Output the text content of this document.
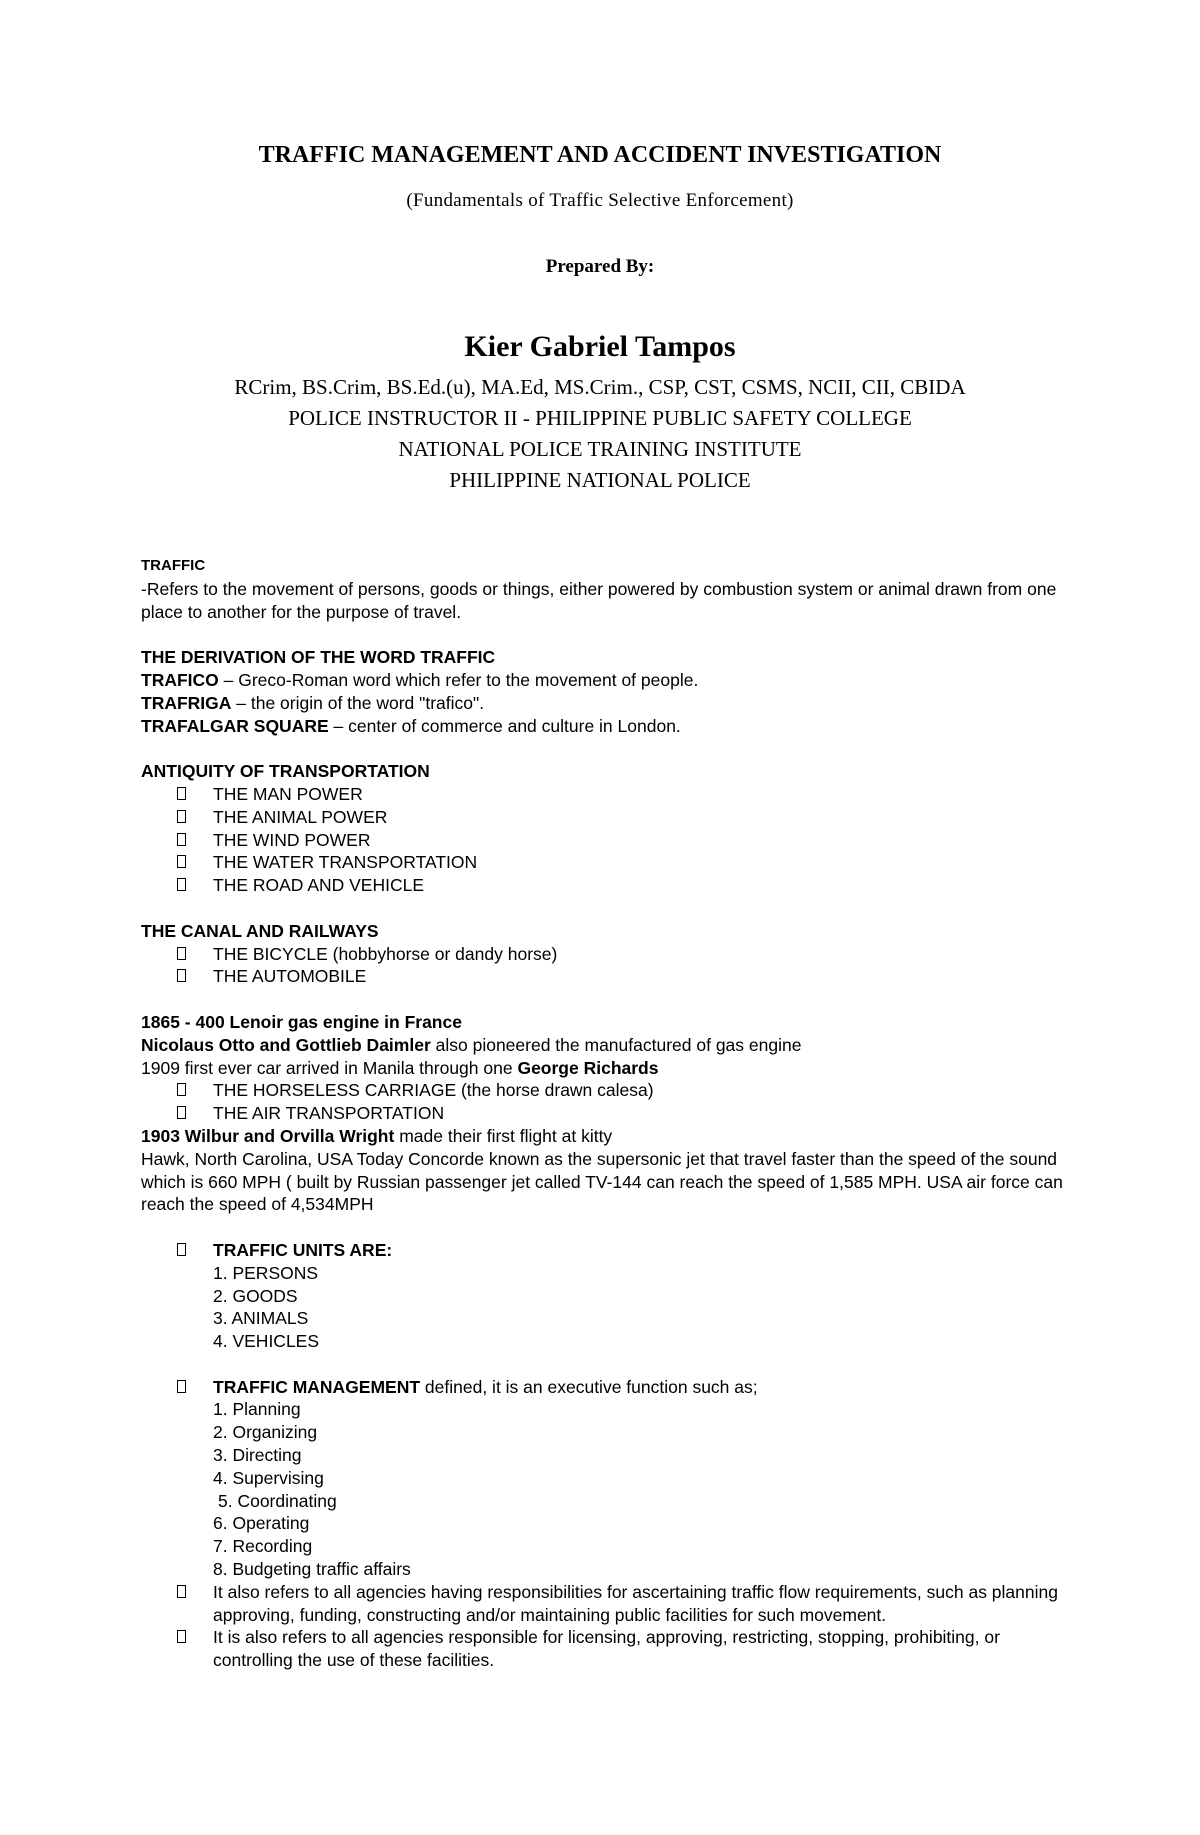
TRAFFIC MANAGEMENT AND ACCIDENT INVESTIGATION
(Fundamentals of Traffic Selective Enforcement)
Prepared By:
Kier Gabriel Tampos
RCrim, BS.Crim, BS.Ed.(u), MA.Ed, MS.Crim., CSP, CST, CSMS, NCII, CII, CBIDA
POLICE INSTRUCTOR II - PHILIPPINE PUBLIC SAFETY COLLEGE
NATIONAL POLICE TRAINING INSTITUTE
PHILIPPINE NATIONAL POLICE

TRAFFIC

-Refers to the movement of persons, goods or things, either powered by combustion system or animal drawn from one place to another for the purpose of travel.

THE DERIVATION OF THE WORD TRAFFIC

TRAFICO – Greco-Roman word which refer to the movement of people.

TRAFRIGA – the origin of the word "trafico".

TRAFALGAR SQUARE – center of commerce and culture in London.

ANTIQUITY OF TRANSPORTATION

THE MAN POWER

THE ANIMAL POWER

THE WIND POWER

THE WATER TRANSPORTATION

THE ROAD AND VEHICLE

THE CANAL AND RAILWAYS

THE BICYCLE (hobbyhorse or dandy horse)

THE AUTOMOBILE

1865 - 400 Lenoir gas engine in France

Nicolaus Otto and Gottlieb Daimler also pioneered the manufactured of gas engine

1909 first ever car arrived in Manila through one George Richards

THE HORSELESS CARRIAGE (the horse drawn calesa)

THE AIR TRANSPORTATION

1903 Wilbur and Orvilla Wright made their first flight at kitty

Hawk, North Carolina, USA Today Concorde known as the supersonic jet that travel faster than the speed of the sound which is 660 MPH ( built by Russian passenger jet called TV-144 can reach the speed of 1,585 MPH. USA air force can reach the speed of 4,534MPH

TRAFFIC UNITS ARE:

1. PERSONS

2. GOODS

3. ANIMALS

4. VEHICLES

TRAFFIC MANAGEMENT defined, it is an executive function such as;

1. Planning

2. Organizing

3. Directing

4. Supervising

5. Coordinating

6. Operating

7. Recording

8. Budgeting traffic affairs

It also refers to all agencies having responsibilities for ascertaining traffic flow requirements, such as planning approving, funding, constructing and/or maintaining public facilities for such movement.

It is also refers to all agencies responsible for licensing, approving, restricting, stopping, prohibiting, or controlling the use of these facilities.
